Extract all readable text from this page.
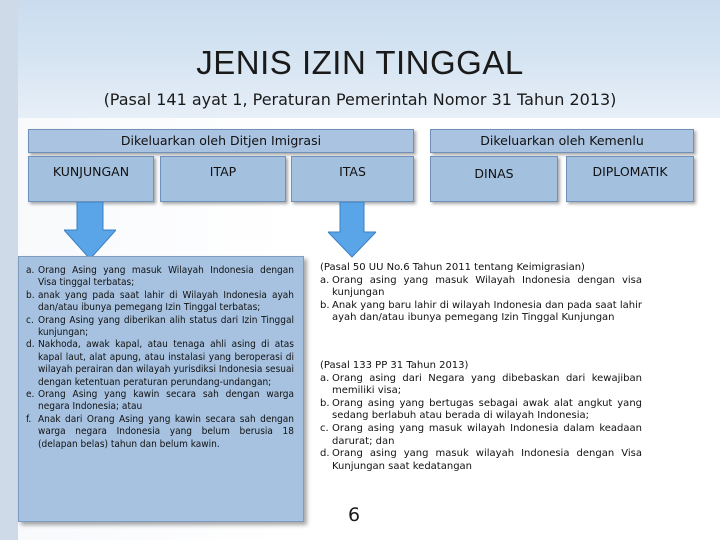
JENIS IZIN TINGGAL
(Pasal 141 ayat 1, Peraturan Pemerintah Nomor 31 Tahun 2013)
Dikeluarkan oleh Ditjen Imigrasi	Dikeluarkan oleh Kemenlu
KUNJUNGAN	ITAP	ITAS	DINAS	DIPLOMATIK
a. Orang Asing yang masuk Wilayah Indonesia dengan Visa tinggal terbatas;
b. anak yang pada saat lahir di Wilayah Indonesia ayah dan/atau ibunya pemegang Izin Tinggal terbatas;
c. Orang Asing yang diberikan alih status dari Izin Tinggal kunjungan;
d. Nakhoda, awak kapal, atau tenaga ahli asing di atas kapal laut, alat apung, atau instalasi yang beroperasi di wilayah perairan dan wilayah yurisdiksi Indonesia sesuai dengan ketentuan peraturan perundang-undangan;
e. Orang Asing yang kawin secara sah dengan warga negara Indonesia; atau
f. Anak dari Orang Asing yang kawin secara sah dengan warga negara Indonesia yang belum berusia 18 (delapan belas) tahun dan belum kawin.
(Pasal 50 UU No.6 Tahun 2011 tentang Keimigrasian)
a. Orang asing yang masuk Wilayah Indonesia dengan visa kunjungan
b. Anak yang baru lahir di wilayah Indonesia dan pada saat lahir ayah dan/atau ibunya pemegang Izin Tinggal Kunjungan
(Pasal 133 PP 31 Tahun 2013)
a. Orang asing dari Negara yang dibebaskan dari kewajiban memiliki visa;
b. Orang asing yang bertugas sebagai awak alat angkut yang sedang berlabuh atau berada di wilayah Indonesia;
c. Orang asing yang masuk wilayah Indonesia dalam keadaan darurat; dan
d. Orang asing yang masuk wilayah Indonesia dengan Visa Kunjungan saat kedatangan
6
